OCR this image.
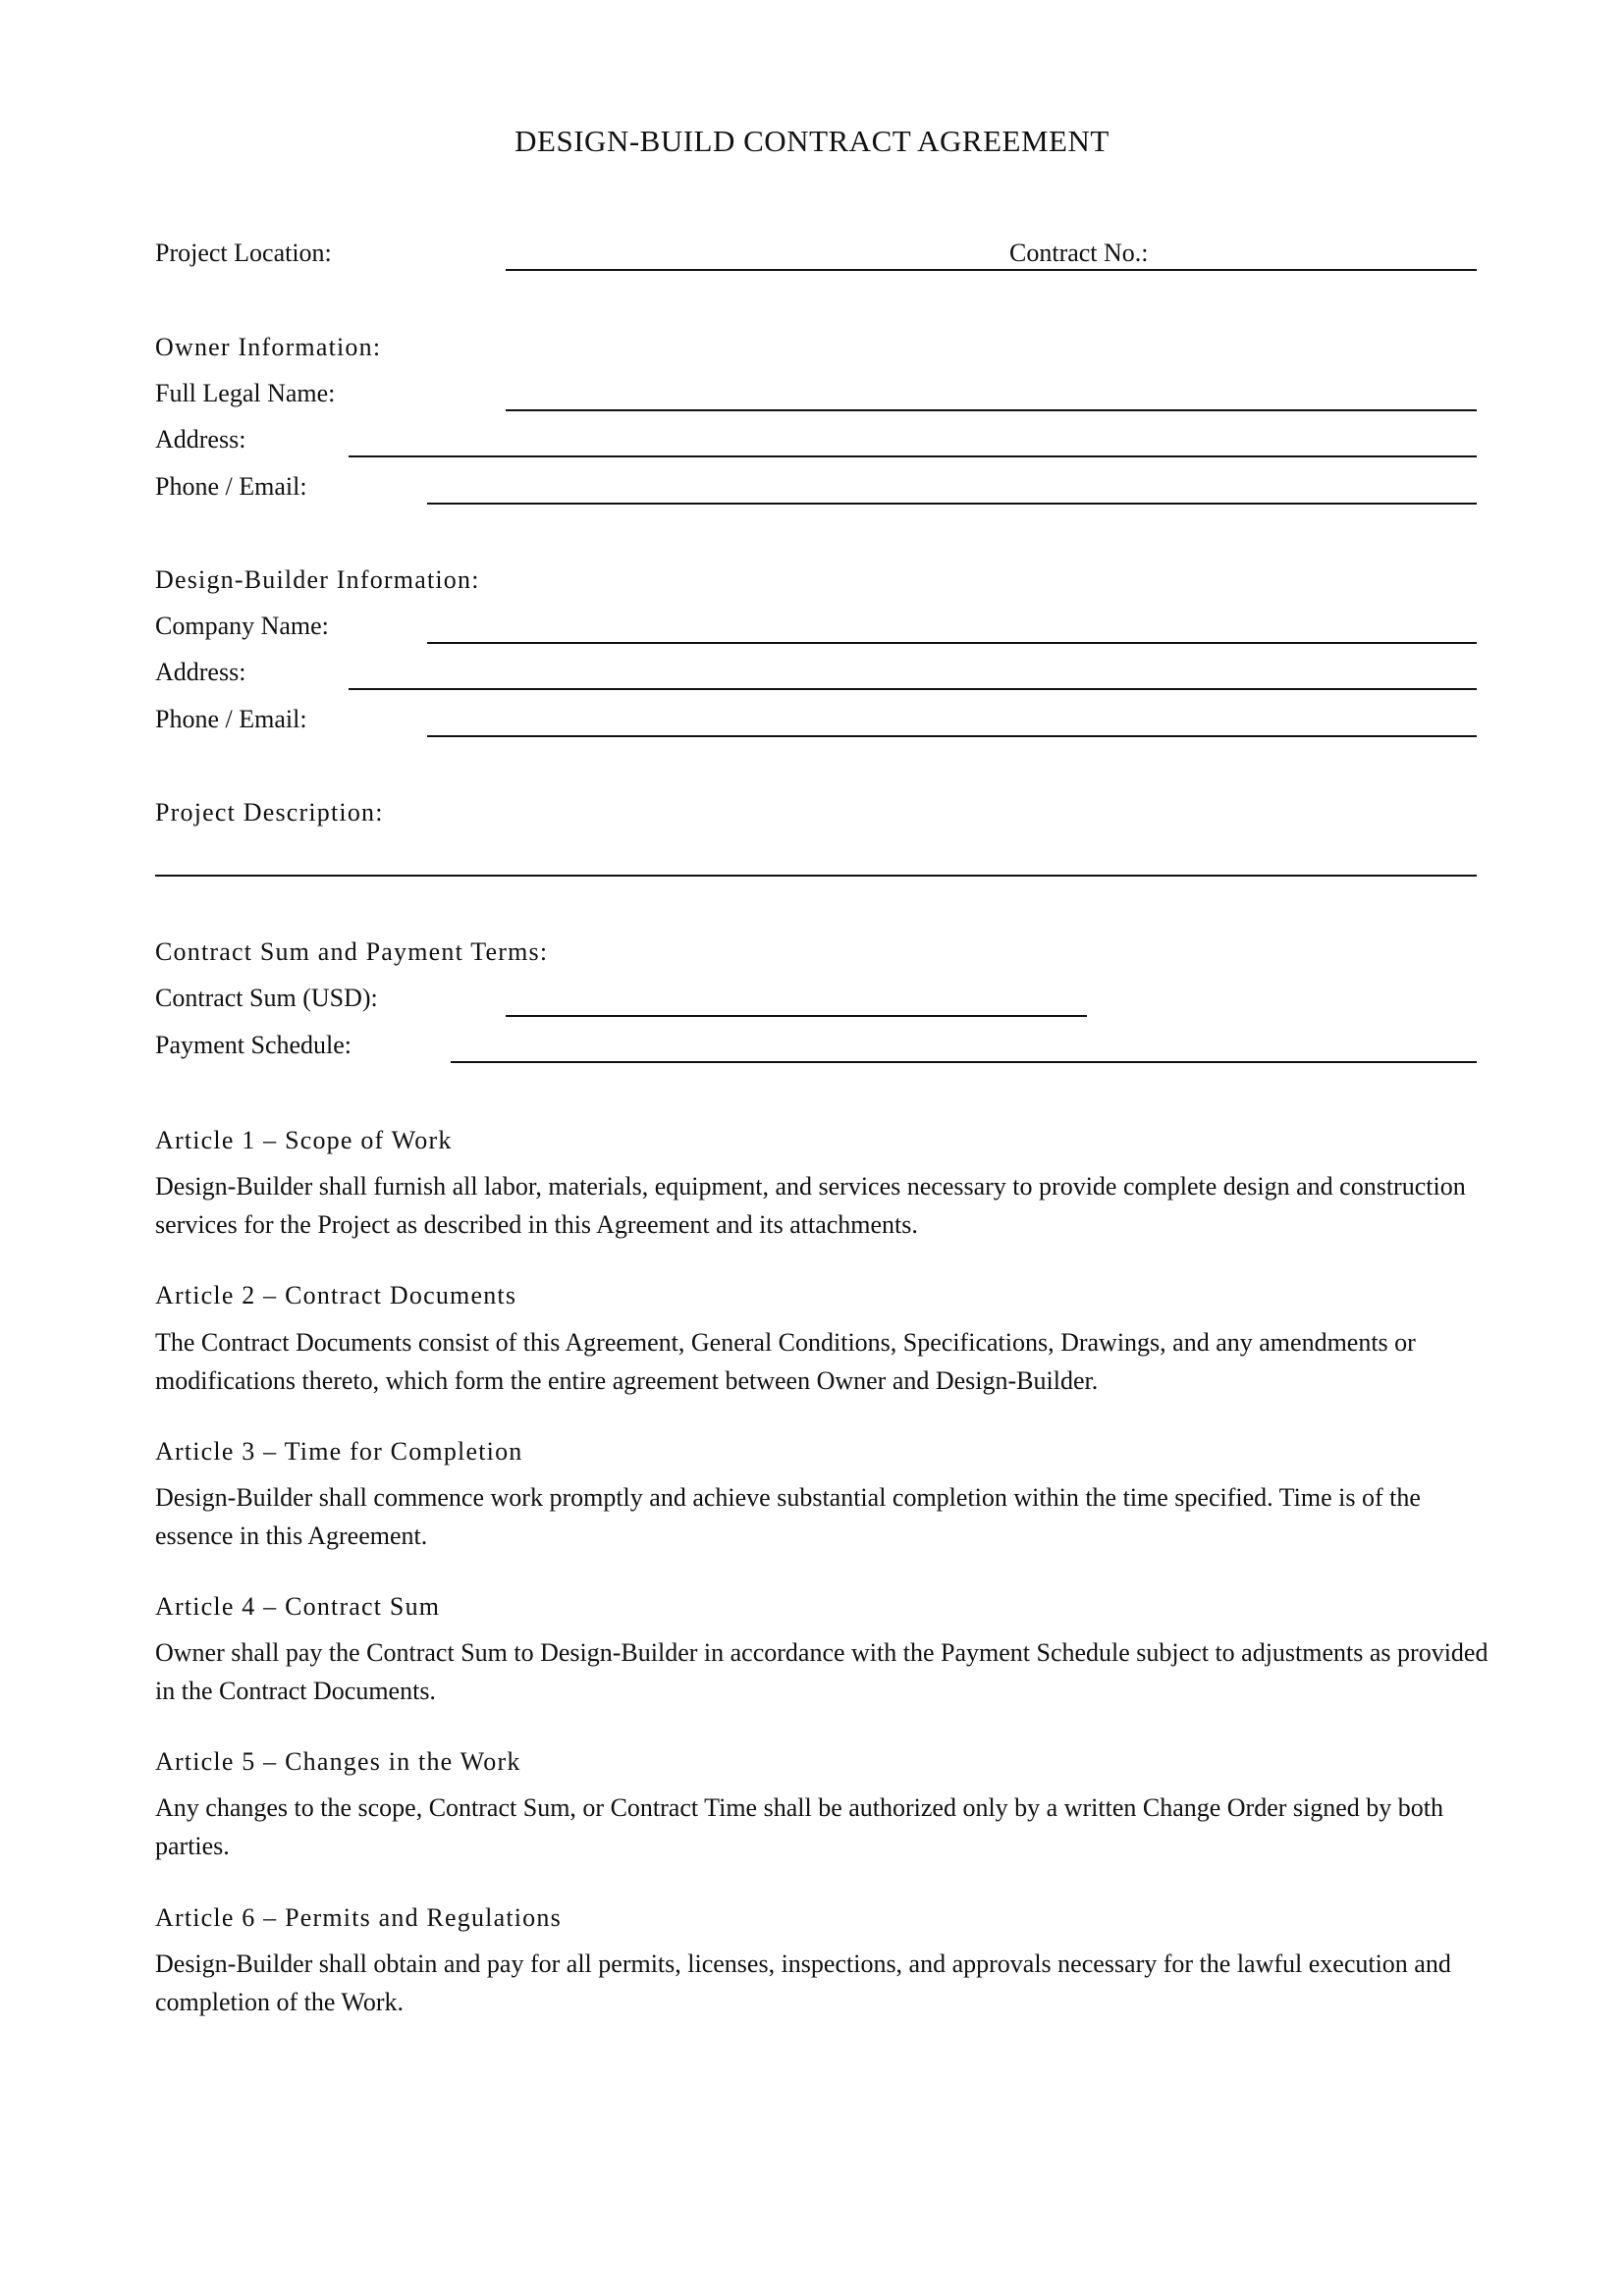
DESIGN-BUILD CONTRACT AGREEMENT
Project Location:	Contract No.:
Owner Information:
Full Legal Name:
Address:
Phone / Email:
Design-Builder Information:
Company Name:
Address:
Phone / Email:
Project Description:
Contract Sum and Payment Terms:
Contract Sum (USD):
Payment Schedule:
Article 1 – Scope of Work
Design-Builder shall furnish all labor, materials, equipment, and services necessary to provide complete design and construction services for the Project as described in this Agreement and its attachments.
Article 2 – Contract Documents
The Contract Documents consist of this Agreement, General Conditions, Specifications, Drawings, and any amendments or modifications thereto, which form the entire agreement between Owner and Design-Builder.
Article 3 – Time for Completion
Design-Builder shall commence work promptly and achieve substantial completion within the time specified. Time is of the essence in this Agreement.
Article 4 – Contract Sum
Owner shall pay the Contract Sum to Design-Builder in accordance with the Payment Schedule subject to adjustments as provided in the Contract Documents.
Article 5 – Changes in the Work
Any changes to the scope, Contract Sum, or Contract Time shall be authorized only by a written Change Order signed by both parties.
Article 6 – Permits and Regulations
Design-Builder shall obtain and pay for all permits, licenses, inspections, and approvals necessary for the lawful execution and completion of the Work.
